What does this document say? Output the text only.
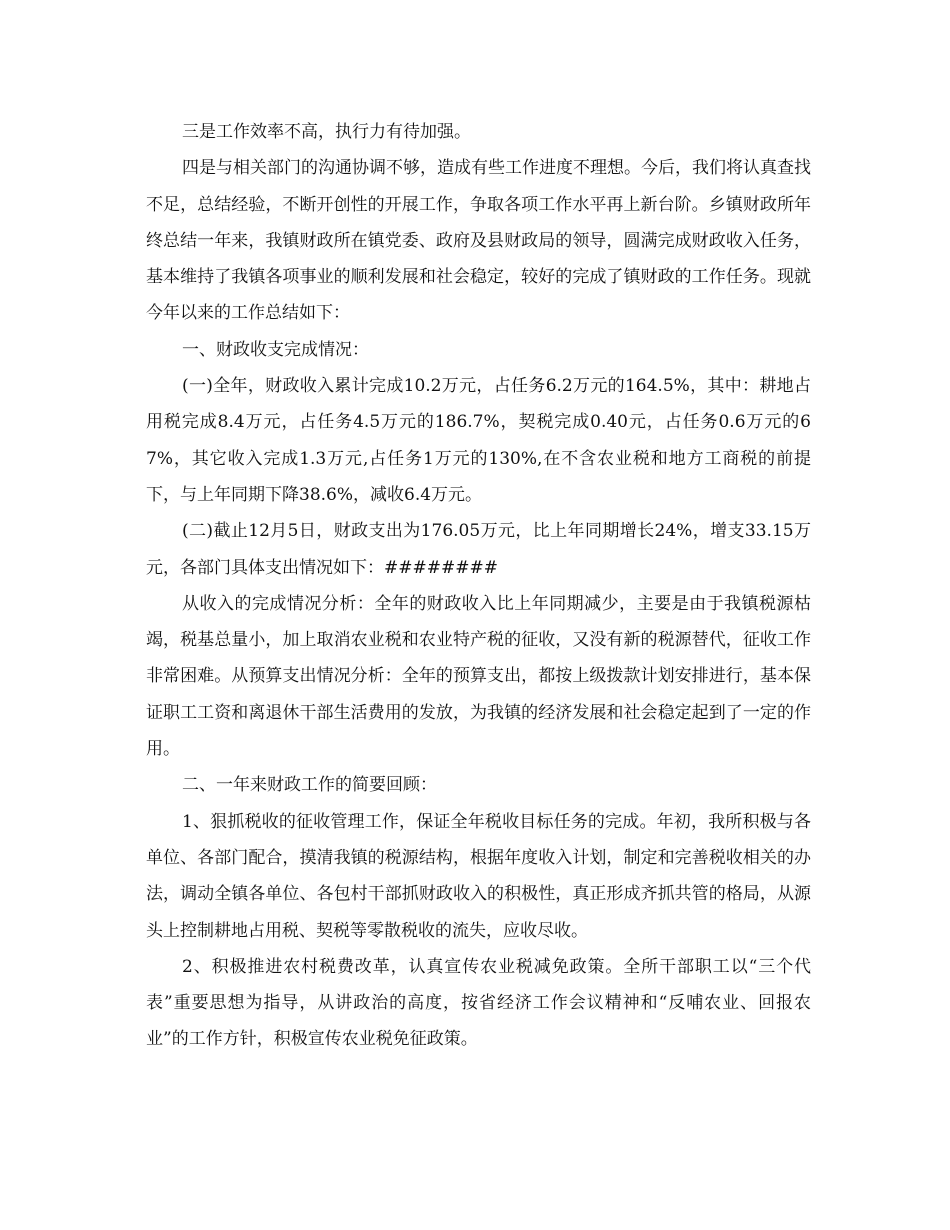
三是工作效率不高，执行力有待加强。

四是与相关部门的沟通协调不够，造成有些工作进度不理想。今后，我们将认真查找不足，总结经验，不断开创性的开展工作，争取各项工作水平再上新台阶。乡镇财政所年终总结一年来，我镇财政所在镇党委、政府及县财政局的领导，圆满完成财政收入任务，基本维持了我镇各项事业的顺利发展和社会稳定，较好的完成了镇财政的工作任务。现就今年以来的工作总结如下：

一、财政收支完成情况：

(一)全年，财政收入累计完成10.2万元，占任务6.2万元的164.5%，其中：耕地占用税完成8.4万元，占任务4.5万元的186.7%，契税完成0.40元，占任务0.6万元的67%，其它收入完成1.3万元,占任务1万元的130%,在不含农业税和地方工商税的前提下，与上年同期下降38.6%，减收6.4万元。

(二)截止12月5日，财政支出为176.05万元，比上年同期增长24%，增支33.15万元，各部门具体支出情况如下：########

从收入的完成情况分析：全年的财政收入比上年同期减少，主要是由于我镇税源枯竭，税基总量小，加上取消农业税和农业特产税的征收，又没有新的税源替代，征收工作非常困难。从预算支出情况分析：全年的预算支出，都按上级拨款计划安排进行，基本保证职工工资和离退休干部生活费用的发放，为我镇的经济发展和社会稳定起到了一定的作用。

二、一年来财政工作的简要回顾：

1、狠抓税收的征收管理工作，保证全年税收目标任务的完成。年初，我所积极与各单位、各部门配合，摸清我镇的税源结构，根据年度收入计划，制定和完善税收相关的办法，调动全镇各单位、各包村干部抓财政收入的积极性，真正形成齐抓共管的格局，从源头上控制耕地占用税、契税等零散税收的流失，应收尽收。

2、积极推进农村税费改革，认真宣传农业税减免政策。全所干部职工以“三个代表”重要思想为指导，从讲政治的高度，按省经济工作会议精神和“反哺农业、回报农业”的工作方针，积极宣传农业税免征政策。
